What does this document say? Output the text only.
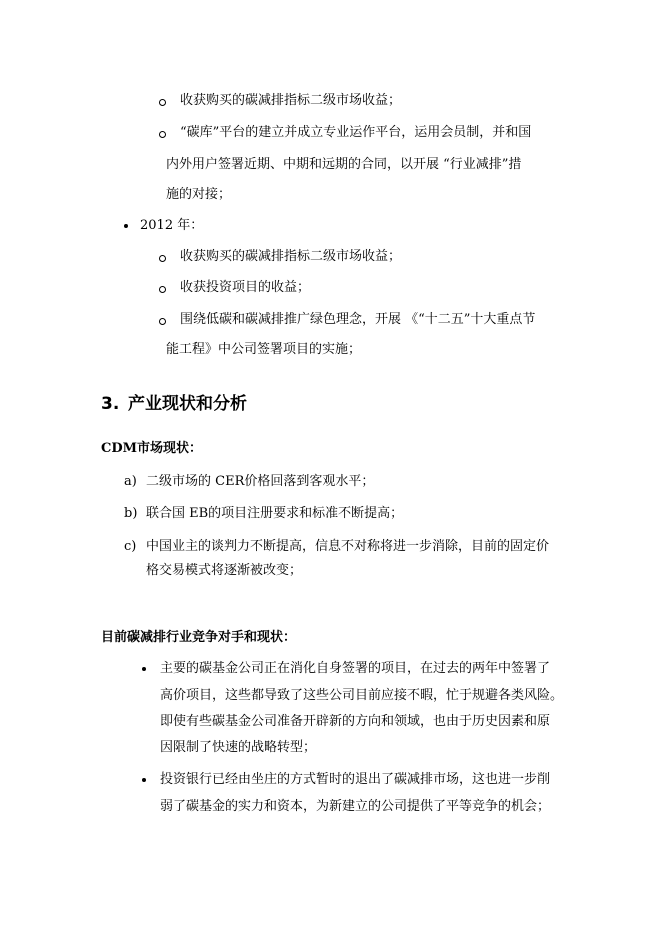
收获购买的碳减排指标二级市场收益；
“碳库”平台的建立并成立专业运作平台，运用会员制，并和国
内外用户签署近期、中期和远期的合同，以开展 “行业减排”措
施的对接；
2012 年：
收获购买的碳减排指标二级市场收益；
收获投资项目的收益；
围绕低碳和碳减排推广绿色理念，开展 《“十二五”十大重点节
能工程》中公司签署项目的实施；
3. 产业现状和分析
CDM市场现状：
a) 二级市场的 CER价格回落到客观水平；
b) 联合国 EB的项目注册要求和标准不断提高；
c) 中国业主的谈判力不断提高，信息不对称将进一步消除，目前的固定价
格交易模式将逐渐被改变；
目前碳减排行业竞争对手和现状：
主要的碳基金公司正在消化自身签署的项目，在过去的两年中签署了
高价项目，这些都导致了这些公司目前应接不暇，忙于规避各类风险。
即使有些碳基金公司准备开辟新的方向和领域，也由于历史因素和原
因限制了快速的战略转型；
投资银行已经由坐庄的方式暂时的退出了碳减排市场，这也进一步削
弱了碳基金的实力和资本，为新建立的公司提供了平等竞争的机会；
